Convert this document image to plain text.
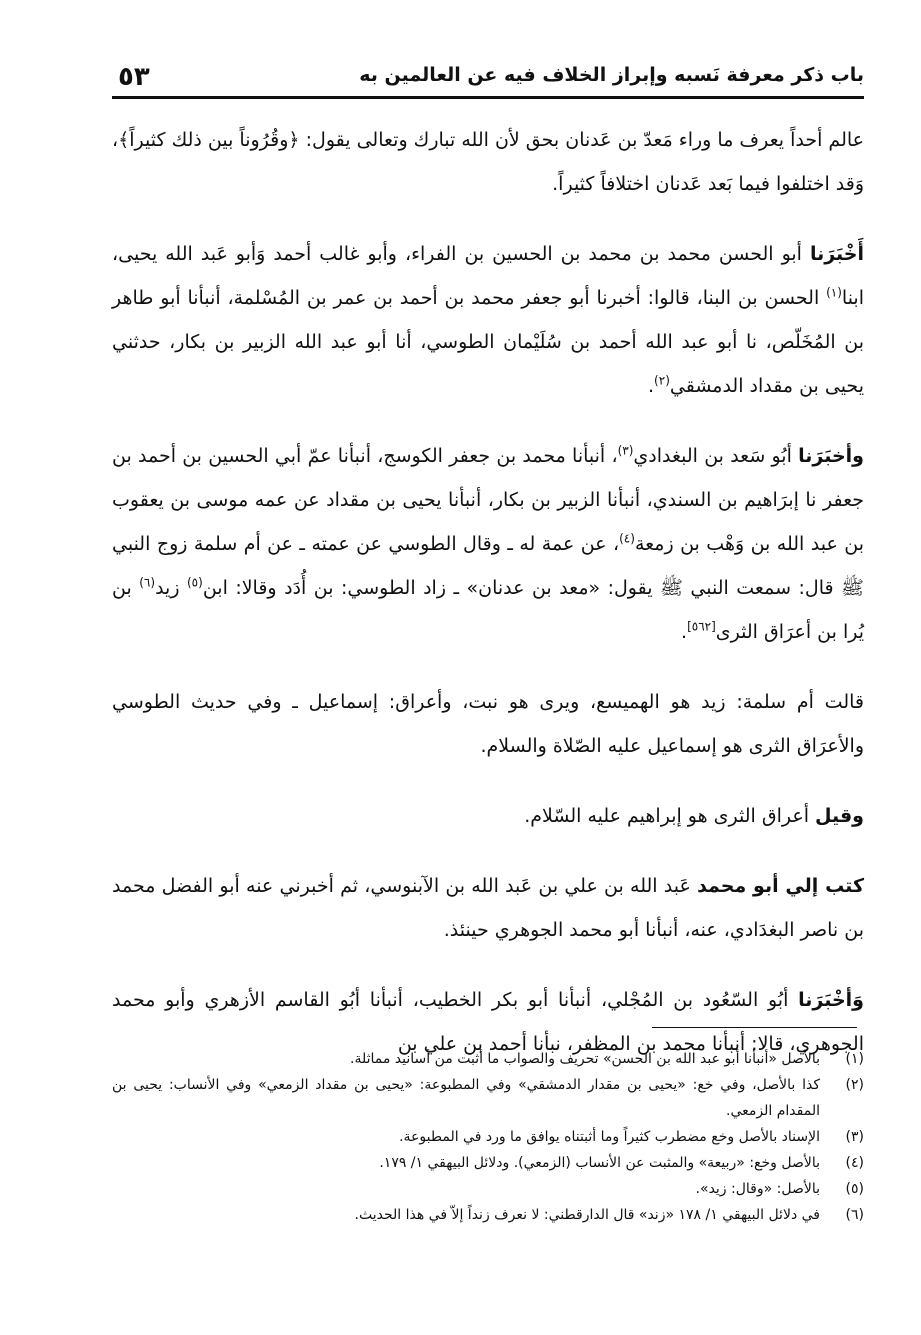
٥٣	باب ذكر معرفة نَسبه وإبراز الخلاف فيه عن العالمين به

عالم أحداً يعرف ما وراء مَعدّ بن عَدنان بحق لأن الله تبارك وتعالى يقول: ﴿وقُرُوناً بين ذلك كثيراً﴾، وَقد اختلفوا فيما بَعد عَدنان اختلافاً كثيراً.

أَخْبَرَنا أبو الحسن محمد بن محمد بن الحسين بن الفراء، وأبو غالب أحمد وَأبو عَبد الله يحيى، ابنا$^{(١)}$ الحسن بن البنا، قالوا: أخبرنا أبو جعفر محمد بن أحمد بن عمر بن المُسْلمة، أنبأنا أبو طاهر بن المُخَلّص، نا أبو عبد الله أحمد بن سُلَيْمان الطوسي، أنا أبو عبد الله الزبير بن بكار، حدثني يحيى بن مقداد الدمشقي$^{(٢)}$.

وأخبَرَنا أبُو سَعد بن البغدادي$^{(٣)}$، أنبأنا محمد بن جعفر الكوسج، أنبأنا عمّ أبي الحسين بن أحمد بن جعفر نا إبرَاهيم بن السندي، أنبأنا الزبير بن بكار، أنبأنا يحيى بن مقداد عن عمه موسى بن يعقوب بن عبد الله بن وَهْب بن زمعة$^{(٤)}$، عن عمة له ـ وقال الطوسي عن عمته ـ عن أم سلمة زوج النبي ﷺ قال: سمعت النبي ﷺ يقول: «معد بن عدنان» ـ زاد الطوسي: بن أُدَد وقالا: ابن$^{(٥)}$ زيد$^{(٦)}$ بن يُرا بن أعرَاق الثرى[٥٦٢].

قالت أم سلمة: زيد هو الهميسع، ويرى هو نبت، وأعراق: إسماعيل ـ وفي حديث الطوسي والأعرَاق الثرى هو إسماعيل عليه الصّلاة والسلام.

وقيل أعراق الثرى هو إبراهيم عليه السّلام.

كتب إلي أبو محمد عَبد الله بن علي بن عَبد الله بن الآبنوسي، ثم أخبرني عنه أبو الفضل محمد بن ناصر البغدَادي، عنه، أنبأنا أبو محمد الجوهري حينئذ.

وَأخْبَرَنا أبُو السّعُود بن المُجْلي، أنبأنا أبو بكر الخطيب، أنبأنا أبُو القاسم الأزهري وأبو محمد الجوهري، قالا: أنبأنا محمد بن المظفر، نبأنا أحمد بن علي بن

(١)
بالأصل «أنبأنا أبو عبد الله بن الحسن» تحريف والصواب ما أثبت من أسانيد مماثلة.
(٢)
كذا بالأصل، وفي خع: «يحيى بن مقدار الدمشقي» وفي المطبوعة: «يحيى بن مقداد الزمعي» وفي الأنساب: يحيى بن المقدام الزمعي.
(٣)
الإسناد بالأصل وخع مضطرب كثيراً وما أثبتناه يوافق ما ورد في المطبوعة.
(٤)
بالأصل وخع: «ربيعة» والمثبت عن الأنساب (الزمعي). ودلائل البيهقي ١/ ١٧٩.
(٥)
بالأصل: «وقال: زيد».
(٦)
في دلائل البيهقي ١/ ١٧٨ «زند» قال الدارقطني: لا نعرف زنداً إلاّ في هذا الحديث.
